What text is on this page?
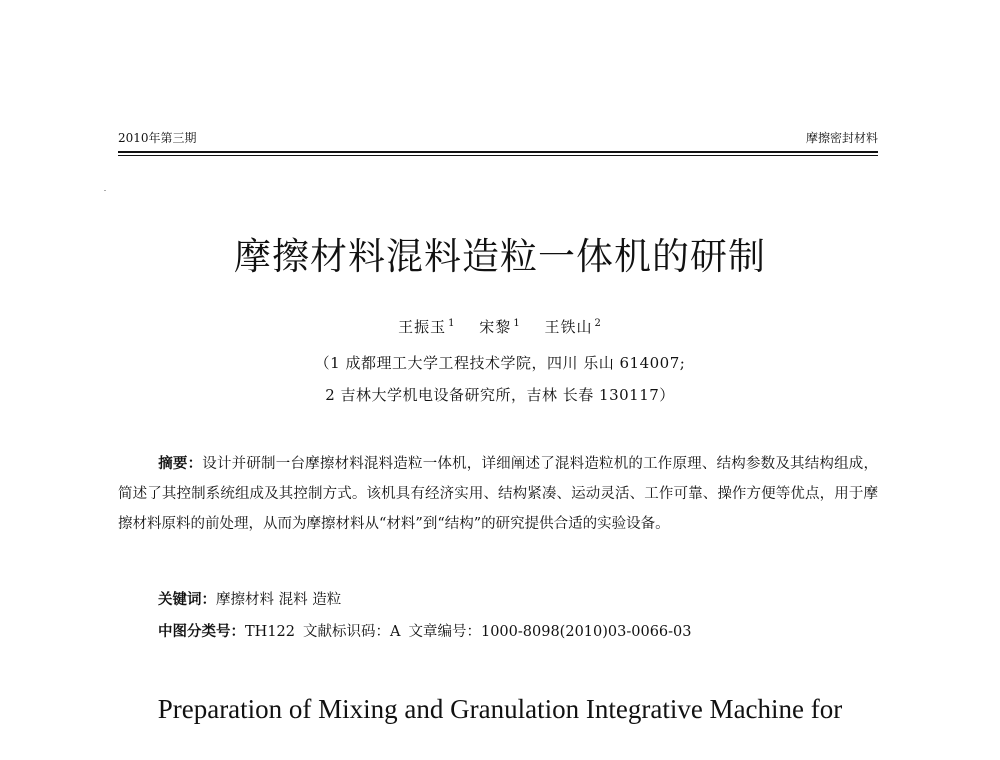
2010年第三期	摩擦密封材料
摩擦材料混料造粒一体机的研制
王振玉 $^1$ 宋黎 $^1$ 王铁山 $^2$
（1 成都理工大学工程技术学院，四川 乐山 614007;
2 吉林大学机电设备研究所，吉林 长春 130117）
摘要：设计并研制一台摩擦材料混料造粒一体机，详细阐述了混料造粒机的工作原理、结构参数及其结构组成，简述了其控制系统组成及其控制方式。该机具有经济实用、结构紧凑、运动灵活、工作可靠、操作方便等优点，用于摩擦材料原料的前处理，从而为摩擦材料从“材料”到“结构”的研究提供合适的实验设备。
关键词：摩擦材料 混料 造粒
中图分类号：TH122 文献标识码：A 文章编号：1000-8098(2010)03-0066-03
Preparation of Mixing and Granulation Integrative Machine for
